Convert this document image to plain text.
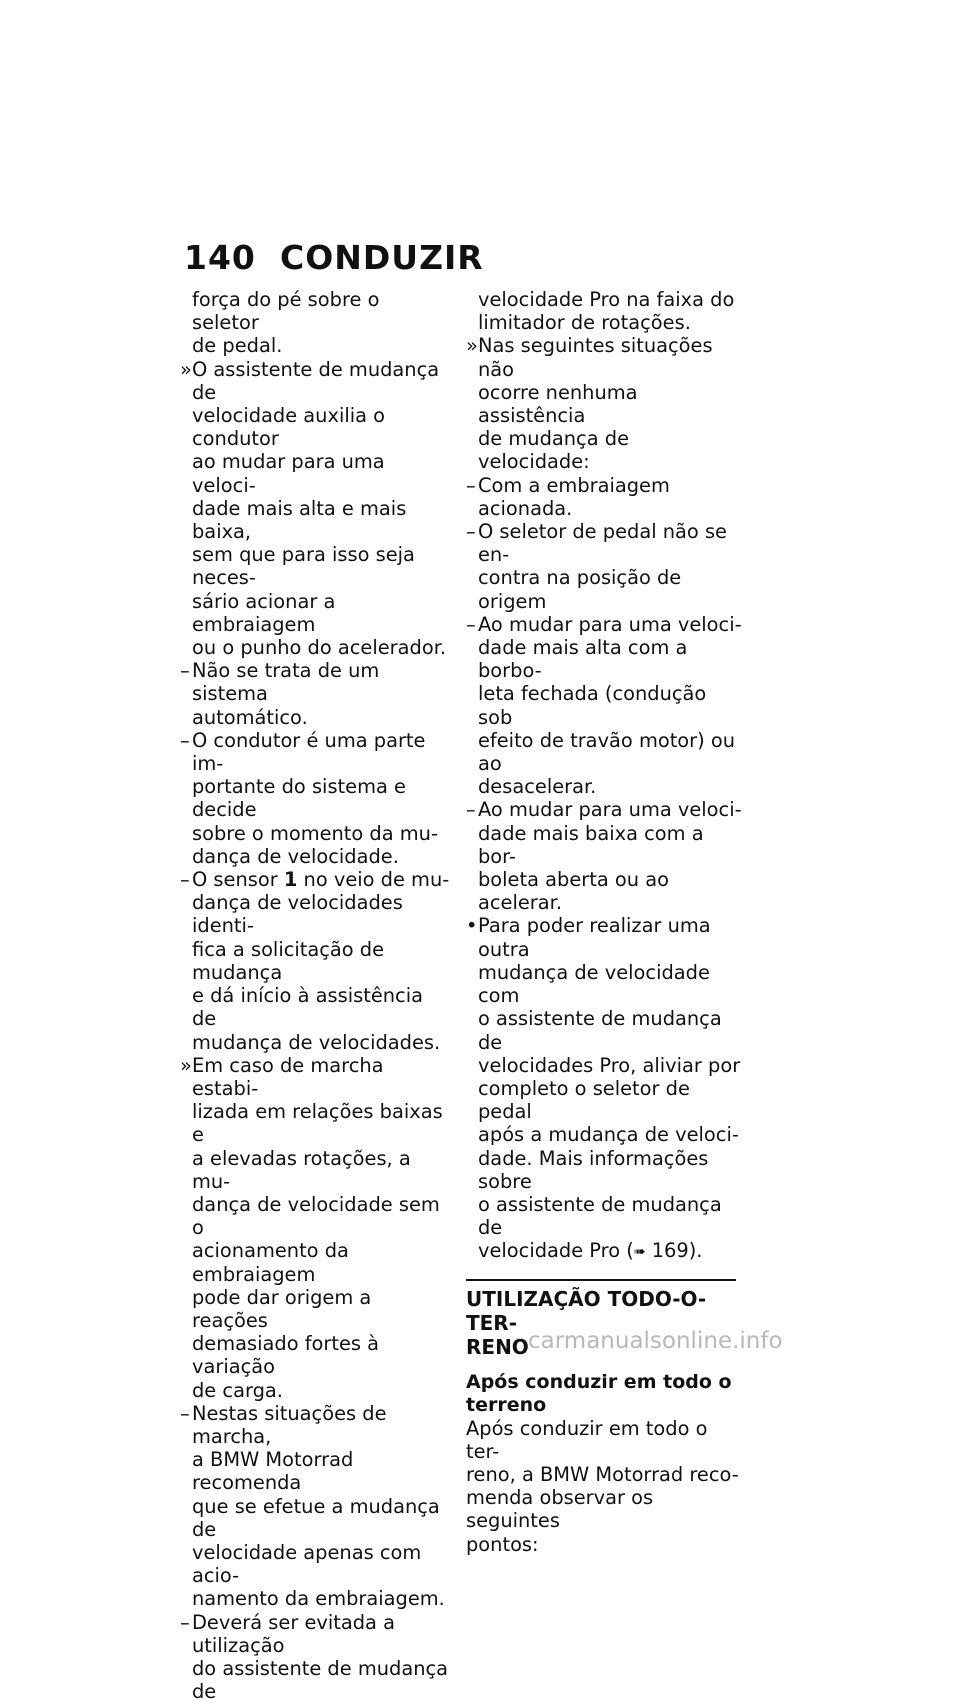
140 CONDUZIR
força do pé sobre o seletor
de pedal.
» O assistente de mudança de
velocidade auxilia o condutor
ao mudar para uma veloci-
dade mais alta e mais baixa,
sem que para isso seja neces-
sário acionar a embraiagem
ou o punho do acelerador.
– Não se trata de um sistema
automático.
– O condutor é uma parte im-
portante do sistema e decide
sobre o momento da mu-
dança de velocidade.
– O sensor 1 no veio de mu-
dança de velocidades identi-
fica a solicitação de mudança
e dá início à assistência de
mudança de velocidades.
» Em caso de marcha estabi-
lizada em relações baixas e
a elevadas rotações, a mu-
dança de velocidade sem o
acionamento da embraiagem
pode dar origem a reações
demasiado fortes à variação
de carga.
– Nestas situações de marcha,
a BMW Motorrad recomenda
que se efetue a mudança de
velocidade apenas com acio-
namento da embraiagem.
– Deverá ser evitada a utilização
do assistente de mudança de
velocidade Pro na faixa do
limitador de rotações.
» Nas seguintes situações não
ocorre nenhuma assistência
de mudança de velocidade:
– Com a embraiagem acionada.
– O seletor de pedal não se en-
contra na posição de origem
– Ao mudar para uma veloci-
dade mais alta com a borbo-
leta fechada (condução sob
efeito de travão motor) ou ao
desacelerar.
– Ao mudar para uma veloci-
dade mais baixa com a bor-
boleta aberta ou ao acelerar.
• Para poder realizar uma outra
mudança de velocidade com
o assistente de mudança de
velocidades Pro, aliviar por
completo o seletor de pedal
após a mudança de veloci-
dade. Mais informações sobre
o assistente de mudança de
velocidade Pro (➠ 169).
UTILIZAÇÃO TODO-O-TER-
RENO
Após conduzir em todo o
terreno
Após conduzir em todo o ter-
reno, a BMW Motorrad reco-
menda observar os seguintes
pontos:
carmanualsonline.info
